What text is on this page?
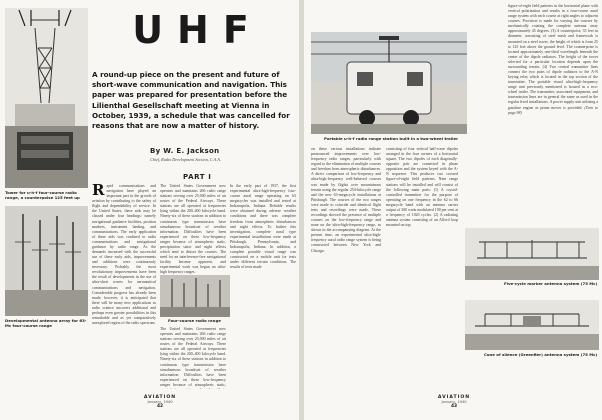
Tower for u-h-f four-course radio range, a counterpoise 125 feet up
Developmental antenna array for 63-Mc four-course range
UHF
A round-up piece on the present and future of short-wave communication and navigation. This paper was prepared for presentation before the Lilienthal Gesellschaft meeting at Vienna in October, 1939, a schedule that was cancelled for reasons that are now a matter of history.
By W. E. Jackson
Chief, Radio Development Section, C.A.A.
PART I
Rapid communications and navigation have played an important part in the growth of aviation by contributing to the safety of flight and dependability of service. In the United States, these aids may be classed under four headings: namely navigational guidance facilities, position markers, instrument landing, and communications. The early application of these aids was confined to radio communications and navigational guidance by radio range. As the demands increased with the successful use of these early aids, improvements and additions were continuously necessary. Probably the most revolutionary improvements have been the result of developments in the use of ultra-short waves for aeronautical communications and navigation. Considerable progress has already been made; however, it is anticipated that there will be many new applications as radio science uncovers additional and perhaps even greater possibilities in this remarkable and as yet comparatively unexplored region of the radio spectrum.
Four-course radio range
The United States Government now operates and maintains 266 radio range stations serving over 25,000 miles of air routes of the Federal Airways. These stations are all operated at frequencies lying within the 200–400 kilocycle band. Ninety-six of these stations in addition to continuous type transmission have simultaneous broadcast of weather information. Difficulties have been experienced on these low-frequency ranges because of atmospheric static, precipitation static and night effects which tend to distort the courses. The need for an interference-free navigational facility became apparent, and experimental work was begun on ultra-high frequency ranges.
The United States Government now operates and maintains 266 radio range stations serving over 25,000 miles of air routes of the Federal Airways. These stations are all operated at frequencies lying within the 200–400 kilocycle band. Ninety-six of these stations in addition to continuous type transmission have simultaneous broadcast of weather information. Difficulties have been experienced on these low-frequency ranges because of atmospheric static,
In the early part of 1937, the first experimental ultra-high-frequency four-course aural range operating on 63 megacycles was installed and tested at Indianapolis, Indiana. Reliable results were obtained during adverse weather conditions and there was complete freedom from atmospheric disturbances and night effects. To further this investigation, complete aural type experimental installations were made at Pittsburgh, Pennsylvania, and Indianapolis, Indiana. In addition, a complete portable visual range was constructed on a mobile unit for tests under different terrain conditions. The results of tests made
AVIATION
January, 1940
42
Portable u-h-f radio range station built in a two-wheel trailer
on these various installations indicate pronounced improvements over low-frequency radio ranges, particularly with regard to the elimination of multiple courses and freedom from atmospheric disturbances. A direct comparison of low-frequency and ultra-high-frequency well-behaved courses was made by flights over mountainous terrain using the regular 254-kilocycle range and the new 63-megacycle installations at Pittsburgh. The courses of the two ranges were made to coincide and identical flight tests and recordings were made. These recordings showed the presence of multiple courses on the low-frequency range and none on the ultra-high-frequency range, as shown in the accompanying diagram. At the present time, an experimental ultra-high-frequency aural radio range system is being constructed between New York and Chicago.
consisting of four vertical half-wave dipoles arranged in the four corners of a horizontal square. The two dipoles of each diagonally-opposite pair are connected in phase opposition and the system keyed with the A-N sequence. This produces two crossed figure-of-eight field patterns. Nine range stations will be installed and will consist of the following main parts: (1) A crystal-controlled transmitter for the purpose of operating on one frequency in the 62 to 66 megacycle band with an antenna carrier output of 300 watts modulated 100 per cent at a frequency of 1020 cycles. (2) A radiating antenna system consisting of an Alford loop mounted on top.
figure-of-eight field patterns in the horizontal plane with vertical polarization and results in a four-course aural range system with each course at right angles to adjacent courses. Provision is made for varying the courses by mechanically rotating the complete antenna array approximately 45 degrees. (3) A counterpoise, 35 feet in diameter, consisting of steel mesh and framework is mounted on a steel tower, the height of which is from 25 to 125 feet above the ground level. The counterpoise is located approximately one-third wavelength beneath the center of the dipole radiators. The height of the tower selected for a particular location depends upon the surrounding terrain. (4) Two central transmitter lines connect the two pairs of dipole radiators to the A-N keying relay which is located in the top section of the transmitter. The portable visual ultra-high-frequency range unit previously mentioned is housed in a two-wheel trailer. The transmitter, associated equipment, and transmission lines are in general the same as used in the regular fixed installations. A power supply unit utilizing a gasoline engine as prime mover is provided. (Turn to page 98)
Five-cycle marker antenna system (75 Mc)
Cone of silence (Greenfier) antenna system (75 Mc)
AVIATION
January, 1940
43
